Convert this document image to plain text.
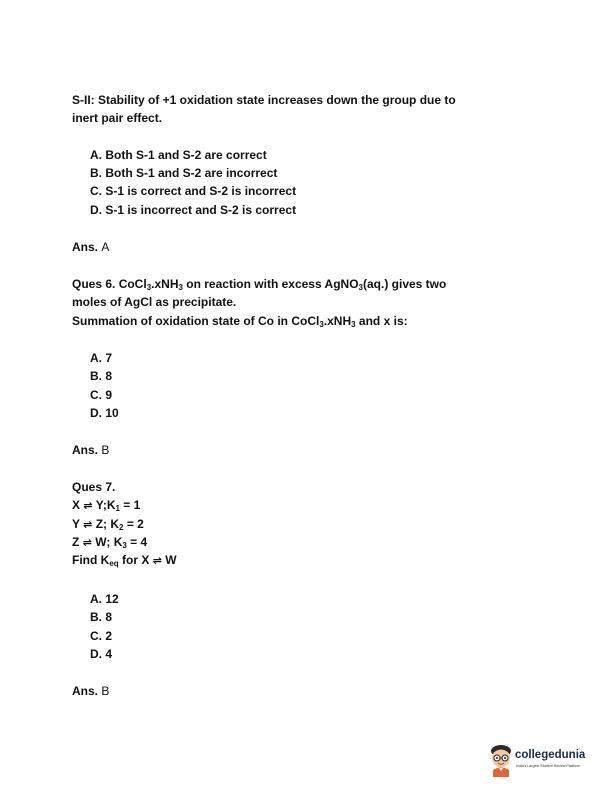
S-II: Stability of +1 oxidation state increases down the group due to
inert pair effect.
A. Both S-1 and S-2 are correct
B. Both S-1 and S-2 are incorrect
C. S-1 is correct and S-2 is incorrect
D. S-1 is incorrect and S-2 is correct
Ans. A
Ques 6. CoCl$_3$.xNH$_3$ on reaction with excess AgNO$_3$(aq.) gives two
moles of AgCl as precipitate.
Summation of oxidation state of Co in CoCl$_3$.xNH$_3$ and x is:
A. 7
B. 8
C. 9
D. 10
Ans. B
Ques 7.
X ⇌ $Y;K_1 = 1$
Y ⇌ Z; $K_2 = 2$
Z ⇌ W; $K_3 = 4$
Find $K_{eq}$ for X ⇌ W
A. 12
B. 8
C. 2
D. 4
Ans. B
collegedunia
India's Largest Student Review Platform
